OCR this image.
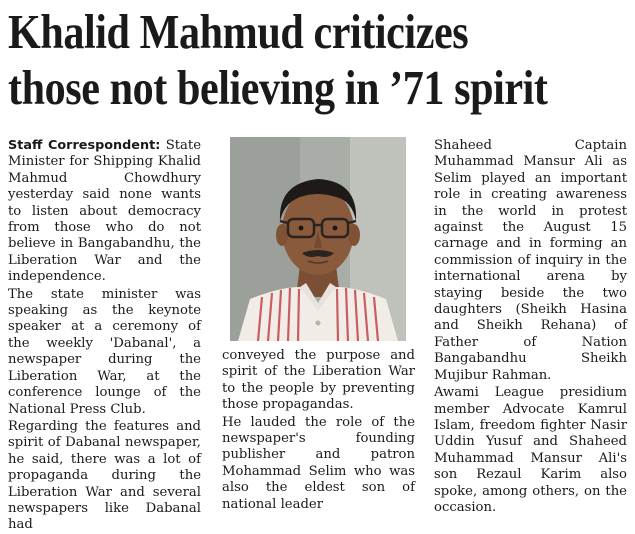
Khalid Mahmud criticizes
those not believing in ’71 spirit

Staff Correspondent: State Minister for Shipping Khalid Mahmud Chowdhury yesterday said none wants to listen about democracy from those who do not believe in Bangabandhu, the Liberation War and the independence.

The state minister was speaking as the keynote speaker at a ceremony of the weekly 'Dabanal', a newspaper during the Liberation War, at the conference lounge of the National Press Club.

Regarding the features and spirit of Dabanal newspaper, he said, there was a lot of propaganda during the Liberation War and several newspapers like Dabanal had

conveyed the purpose and spirit of the Liberation War to the people by preventing those propagandas.

He lauded the role of the newspaper's founding publisher and patron Mohammad Selim who was also the eldest son of national leader

Shaheed Captain Muhammad Mansur Ali as Selim played an important role in creating awareness in the world in protest against the August 15 carnage and in forming an commission of inquiry in the international arena by staying beside the two daughters (Sheikh Hasina and Sheikh Rehana) of Father of Nation Bangabandhu Sheikh Mujibur Rahman.

Awami League presidium member Advocate Kamrul Islam, freedom fighter Nasir Uddin Yusuf and Shaheed Muhammad Mansur Ali's son Rezaul Karim also spoke, among others, on the occasion.
